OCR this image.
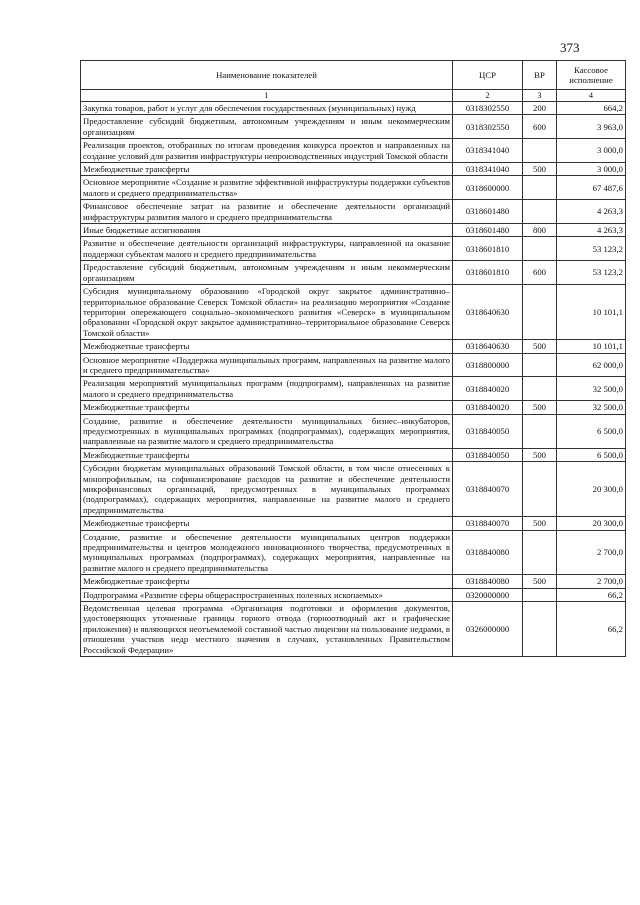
373
Наименование показателей	ЦСР	ВР	Кассовое исполнение
1	2	3	4
Закупка товаров, работ и услуг для обеспечения государственных (муниципальных) нужд	0318302550	200	664,2
Предоставление субсидий бюджетным, автономным учреждениям и иным некоммерческим организациям	0318302550	600	3 963,0
Реализация проектов, отобранных по итогам проведения конкурса проектов и направленных на создание условий для развития инфраструктуры непроизводственных индустрий Томской области	0318341040		3 000,0
Межбюджетные трансферты	0318341040	500	3 000,0
Основное мероприятие «Создание и развитие эффективной инфраструктуры поддержки субъектов малого и среднего предпринимательства»	0318600000		67 487,6
Финансовое обеспечение затрат на развитие и обеспечение деятельности организаций инфраструктуры развития малого и среднего предпринимательства	0318601480		4 263,3
Иные бюджетные ассигнования	0318601480	800	4 263,3
Развитие и обеспечение деятельности организаций инфраструктуры, направленной на оказание поддержки субъектам малого и среднего предпринимательства	0318601810		53 123,2
Предоставление субсидий бюджетным, автономным учреждениям и иным некоммерческим организациям	0318601810	600	53 123,2
Субсидия муниципальному образованию «Городской округ закрытое административно–территориальное образование Северск Томской области» на реализацию мероприятия «Создание территории опережающего социально–экономического развития «Северск» в муниципальном образовании «Городской округ закрытое административно–территориальное образование Северск Томской области»	0318640630		10 101,1
Межбюджетные трансферты	0318640630	500	10 101,1
Основное мероприятие «Поддержка муниципальных программ, направленных на развитие малого и среднего предпринимательства»	0318800000		62 000,0
Реализация мероприятий муниципальных программ (подпрограмм), направленных на развитие малого и среднего предпринимательства	0318840020		32 500,0
Межбюджетные трансферты	0318840020	500	32 500,0
Создание, развитие и обеспечение деятельности муниципальных бизнес–инкубаторов, предусмотренных в муниципальных программах (подпрограммах), содержащих мероприятия, направленные на развитие малого и среднего предпринимательства	0318840050		6 500,0
Межбюджетные трансферты	0318840050	500	6 500,0
Субсидии бюджетам муниципальных образований Томской области, в том числе отнесенных к монопрофильным, на софинансирование расходов на развитие и обеспечение деятельности микрофинансовых организаций, предусмотренных в муниципальных программах (подпрограммах), содержащих мероприятия, направленные на развитие малого и среднего предпринимательства	0318840070		20 300,0
Межбюджетные трансферты	0318840070	500	20 300,0
Создание, развитие и обеспечение деятельности муниципальных центров поддержки предпринимательства и центров молодежного инновационного творчества, предусмотренных в муниципальных программах (подпрограммах), содержащих мероприятия, направленные на развитие малого и среднего предпринимательства	0318840080		2 700,0
Межбюджетные трансферты	0318840080	500	2 700,0
Подпрограмма «Развитие сферы общераспространенных полезных ископаемых»	0320000000		66,2
Ведомственная целевая программа «Организация подготовки и оформления документов, удостоверяющих уточненные границы горного отвода (горноотводный акт и графические приложения) и являющихся неотъемлемой составной частью лицензии на пользование недрами, в отношении участков недр местного значения в случаях, установленных Правительством Российской Федерации»	0326000000		66,2
